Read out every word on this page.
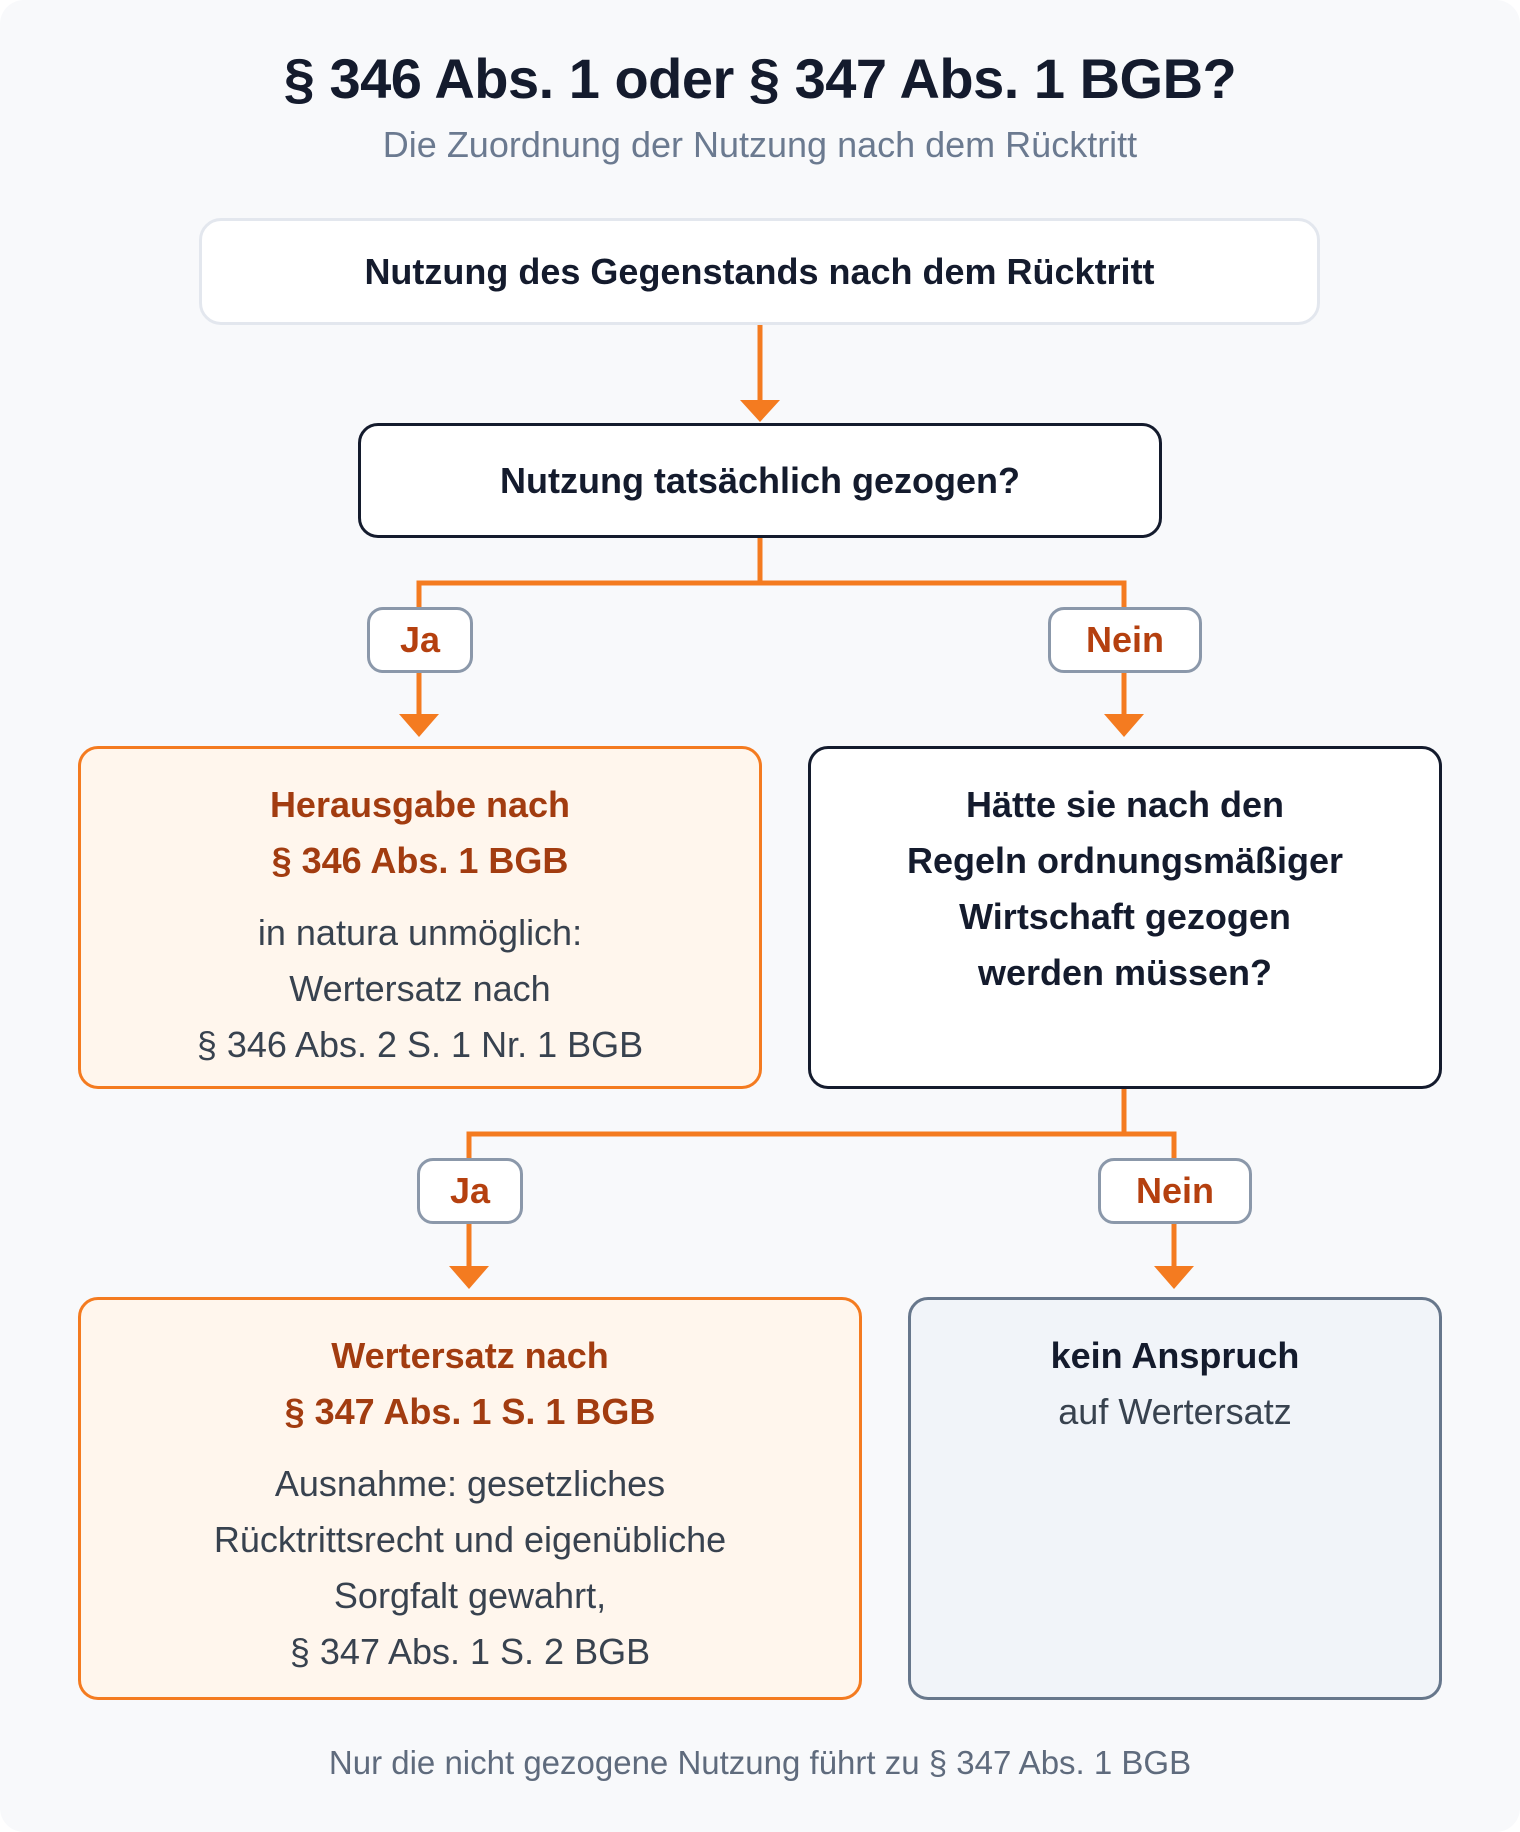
§ 346 Abs. 1 oder § 347 Abs. 1 BGB?
Die Zuordnung der Nutzung nach dem Rücktritt
Nutzung des Gegenstands nach dem Rücktritt
Nutzung tatsächlich gezogen?
Ja	Nein
Herausgabe nach
§ 346 Abs. 1 BGB
in natura unmöglich:
Wertersatz nach
§ 346 Abs. 2 S. 1 Nr. 1 BGB
Hätte sie nach den
Regeln ordnungsmäßiger
Wirtschaft gezogen
werden müssen?
Ja	Nein
Wertersatz nach
§ 347 Abs. 1 S. 1 BGB
Ausnahme: gesetzliches
Rücktrittsrecht und eigenübliche
Sorgfalt gewahrt,
§ 347 Abs. 1 S. 2 BGB
kein Anspruch
auf Wertersatz
Nur die nicht gezogene Nutzung führt zu § 347 Abs. 1 BGB
